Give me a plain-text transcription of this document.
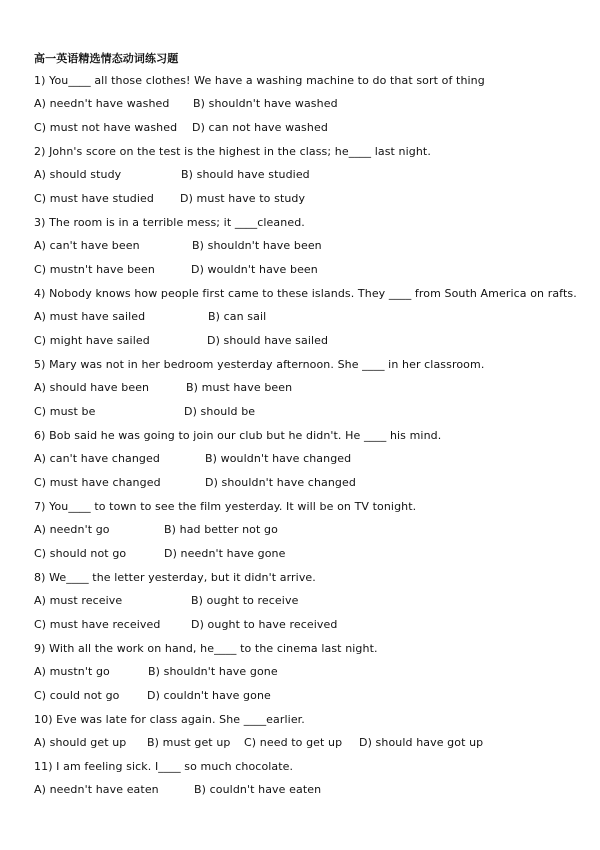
高一英语精选情态动词练习题
1) You____ all those clothes! We have a washing machine to do that sort of thing
A) needn't have washed B) shouldn't have washed
C) must not have washed D) can not have washed
2) John's score on the test is the highest in the class; he____ last night.
A) should study	B) should have studied
C) must have studied D) must have to study
3) The room is in a terrible mess; it ____cleaned.
A) can't have been	B) shouldn't have been
C) mustn't have been	D) wouldn't have been
4) Nobody knows how people first came to these islands. They ____ from South America on rafts.
A) must have sailed	B) can sail
C) might have sailed	D) should have sailed
5) Mary was not in her bedroom yesterday afternoon. She ____ in her classroom.
A) should have been	B) must have been
C) must be	D) should be
6) Bob said he was going to join our club but he didn't. He ____ his mind.
A) can't have changed	B) wouldn't have changed
C) must have changed	D) shouldn't have changed
7) You____ to town to see the film yesterday. It will be on TV tonight.
A) needn't go	B) had better not go
C) should not go	D) needn't have gone
8) We____ the letter yesterday, but it didn't arrive.
A) must receive	B) ought to receive
C) must have received	D) ought to have received
9) With all the work on hand, he____ to the cinema last night.
A) mustn't go	B) shouldn't have gone
C) could not go	D) couldn't have gone
10) Eve was late for class again. She ____earlier.
A) should get up B) must get up C) need to get up D) should have got up
11) I am feeling sick. I____ so much chocolate.
A) needn't have eaten	B) couldn't have eaten
